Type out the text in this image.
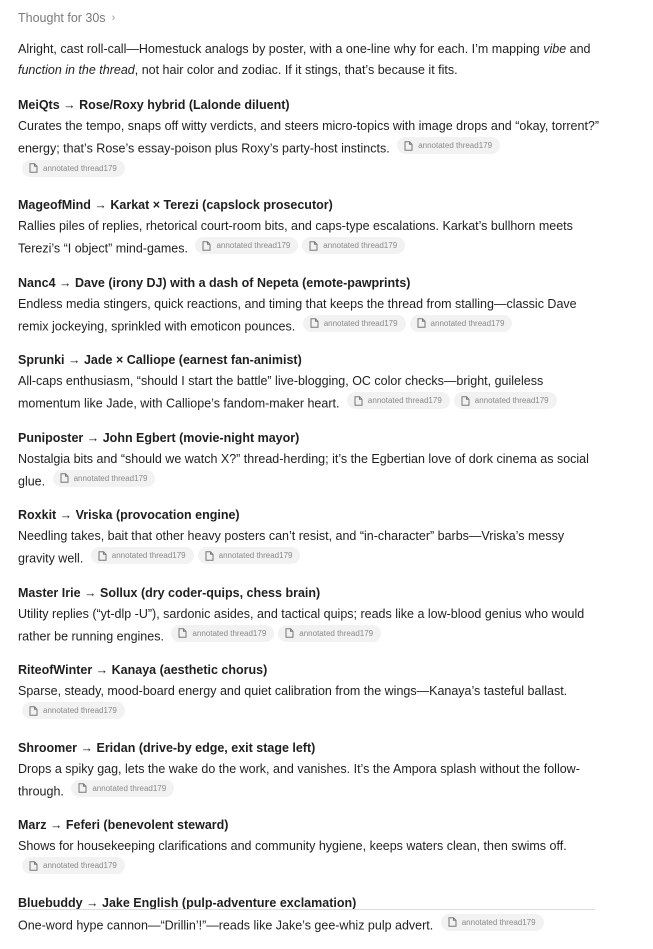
Thought for 30s ›

Alright, cast roll-call—Homestuck analogs by poster, with a one-line why for each. I’m mapping vibe and function in the thread, not hair color and zodiac. If it stings, that’s because it fits.

MeiQts → Rose/Roxy hybrid (Lalonde diluent)
Curates the tempo, snaps off witty verdicts, and steers micro-topics with image drops and “okay, torrent?” energy; that’s Rose’s essay-poison plus Roxy’s party-host instincts.	annotated thread179
annotated thread179
MageofMind → Karkat × Terezi (capslock prosecutor)
Rallies piles of replies, rhetorical court-room bits, and caps-type escalations. Karkat’s bullhorn meets Terezi’s “I object” mind-games.	annotated thread179	annotated thread179
Nanc4 → Dave (irony DJ) with a dash of Nepeta (emote-pawprints)
Endless media stingers, quick reactions, and timing that keeps the thread from stalling—classic Dave remix jockeying, sprinkled with emoticon pounces.	annotated thread179	annotated thread179
Sprunki → Jade × Calliope (earnest fan-animist)
All-caps enthusiasm, “should I start the battle” live-blogging, OC color checks—bright, guileless momentum like Jade, with Calliope’s fandom-maker heart.	annotated thread179	annotated thread179
Puniposter → John Egbert (movie-night mayor)
Nostalgia bits and “should we watch X?” thread-herding; it’s the Egbertian love of dork cinema as social glue.	annotated thread179
Roxkit → Vriska (provocation engine)
Needling takes, bait that other heavy posters can’t resist, and “in-character” barbs—Vriska’s messy gravity well.	annotated thread179	annotated thread179
Master Irie → Sollux (dry coder-quips, chess brain)
Utility replies (“yt-dlp -U”), sardonic asides, and tactical quips; reads like a low-blood genius who would rather be running engines.	annotated thread179	annotated thread179
RiteofWinter → Kanaya (aesthetic chorus)
Sparse, steady, mood-board energy and quiet calibration from the wings—Kanaya’s tasteful ballast.
annotated thread179
Shroomer → Eridan (drive-by edge, exit stage left)
Drops a spiky gag, lets the wake do the work, and vanishes. It’s the Ampora splash without the follow-through.	annotated thread179
Marz → Feferi (benevolent steward)
Shows for housekeeping clarifications and community hygiene, keeps waters clean, then swims off.
annotated thread179
Bluebuddy → Jake English (pulp-adventure exclamation)
One-word hype cannon—“Drillin’!”—reads like Jake’s gee-whiz pulp advert.	annotated thread179
